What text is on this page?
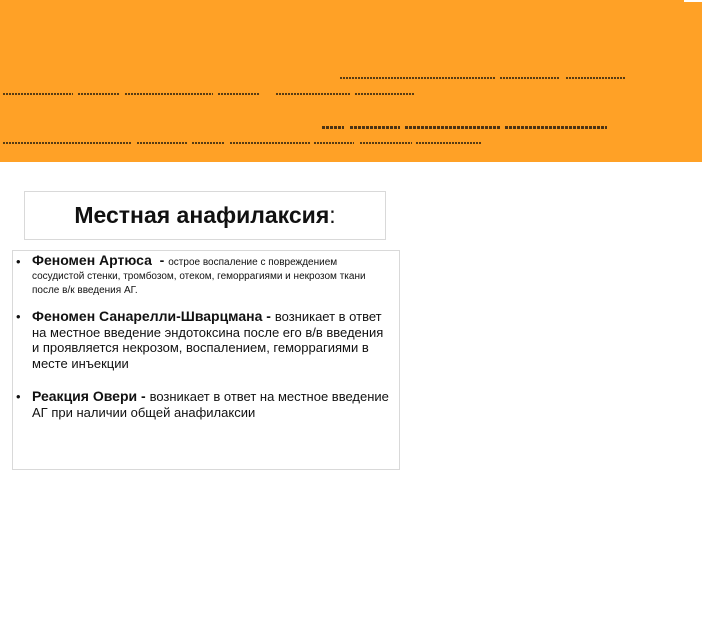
Местная анафилаксия:
• Феномен Артюса  - острое воспаление с повреждением сосудистой стенки, тромбозом, отеком, геморрагиями и некрозом ткани после в/к введения АГ.
• Феномен Санарелли-Шварцмана - возникает в ответ на местное введение эндотоксина после его в/в введения и проявляется некрозом, воспалением, геморрагиями в месте инъекции
• Реакция Овери - возникает в ответ на местное введение АГ при наличии общей анафилаксии
